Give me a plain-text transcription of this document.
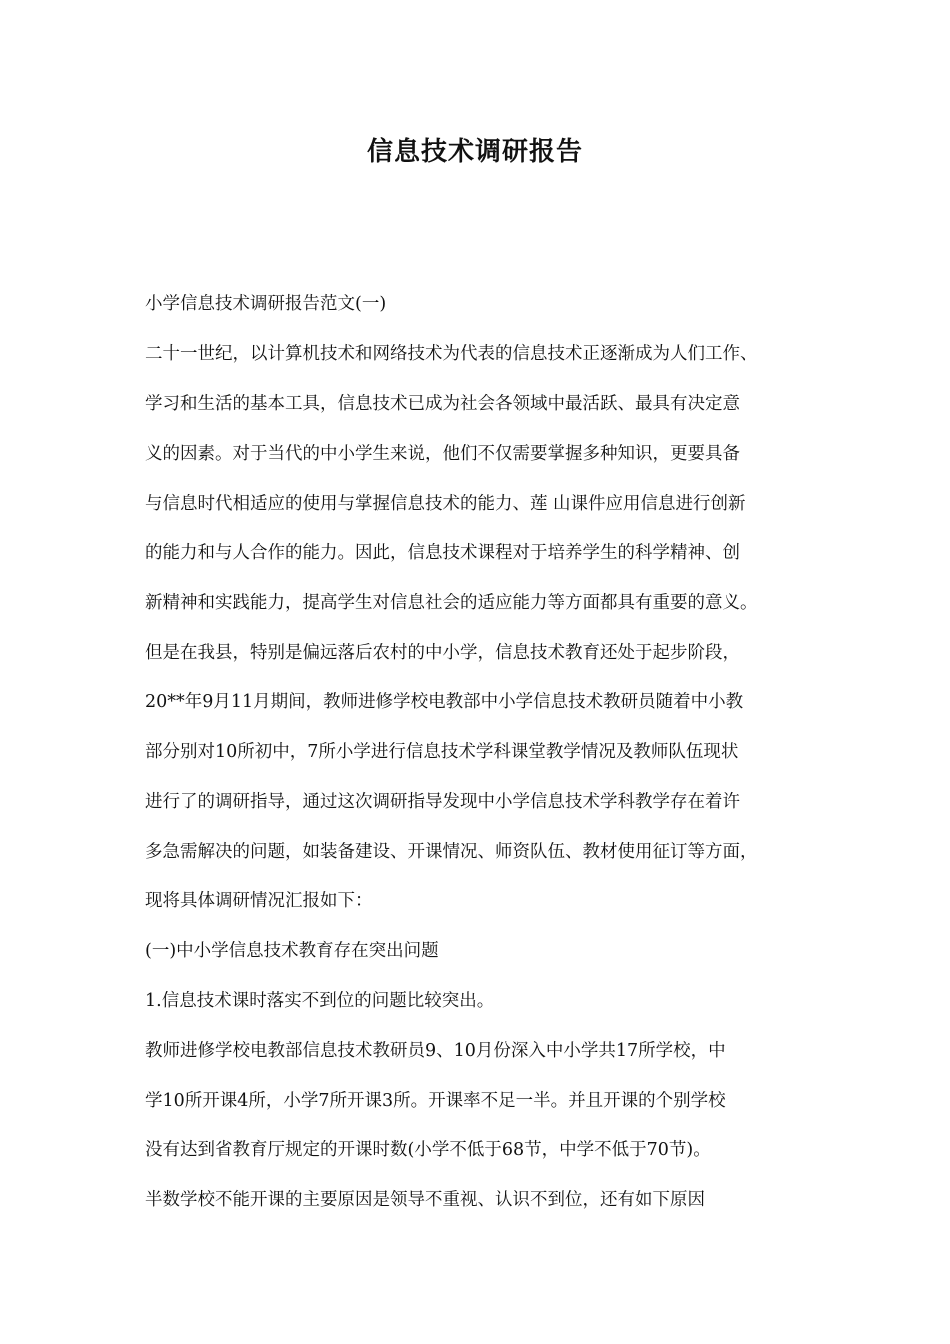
信息技术调研报告
小学信息技术调研报告范文(一)
二十一世纪，以计算机技术和网络技术为代表的信息技术正逐渐成为人们工作、
学习和生活的基本工具，信息技术已成为社会各领域中最活跃、最具有决定意
义的因素。对于当代的中小学生来说，他们不仅需要掌握多种知识，更要具备
与信息时代相适应的使用与掌握信息技术的能力、莲 山课件应用信息进行创新
的能力和与人合作的能力。因此，信息技术课程对于培养学生的科学精神、创
新精神和实践能力，提高学生对信息社会的适应能力等方面都具有重要的意义。
但是在我县，特别是偏远落后农村的中小学，信息技术教育还处于起步阶段，
20**年9月11月期间，教师进修学校电教部中小学信息技术教研员随着中小教
部分别对10所初中，7所小学进行信息技术学科课堂教学情况及教师队伍现状
进行了的调研指导，通过这次调研指导发现中小学信息技术学科教学存在着许
多急需解决的问题，如装备建设、开课情况、师资队伍、教材使用征订等方面，
现将具体调研情况汇报如下：
(一)中小学信息技术教育存在突出问题
1.信息技术课时落实不到位的问题比较突出。
教师进修学校电教部信息技术教研员9、10月份深入中小学共17所学校，中
学10所开课4所，小学7所开课3所。开课率不足一半。并且开课的个别学校
没有达到省教育厅规定的开课时数(小学不低于68节，中学不低于70节)。
半数学校不能开课的主要原因是领导不重视、认识不到位，还有如下原因
